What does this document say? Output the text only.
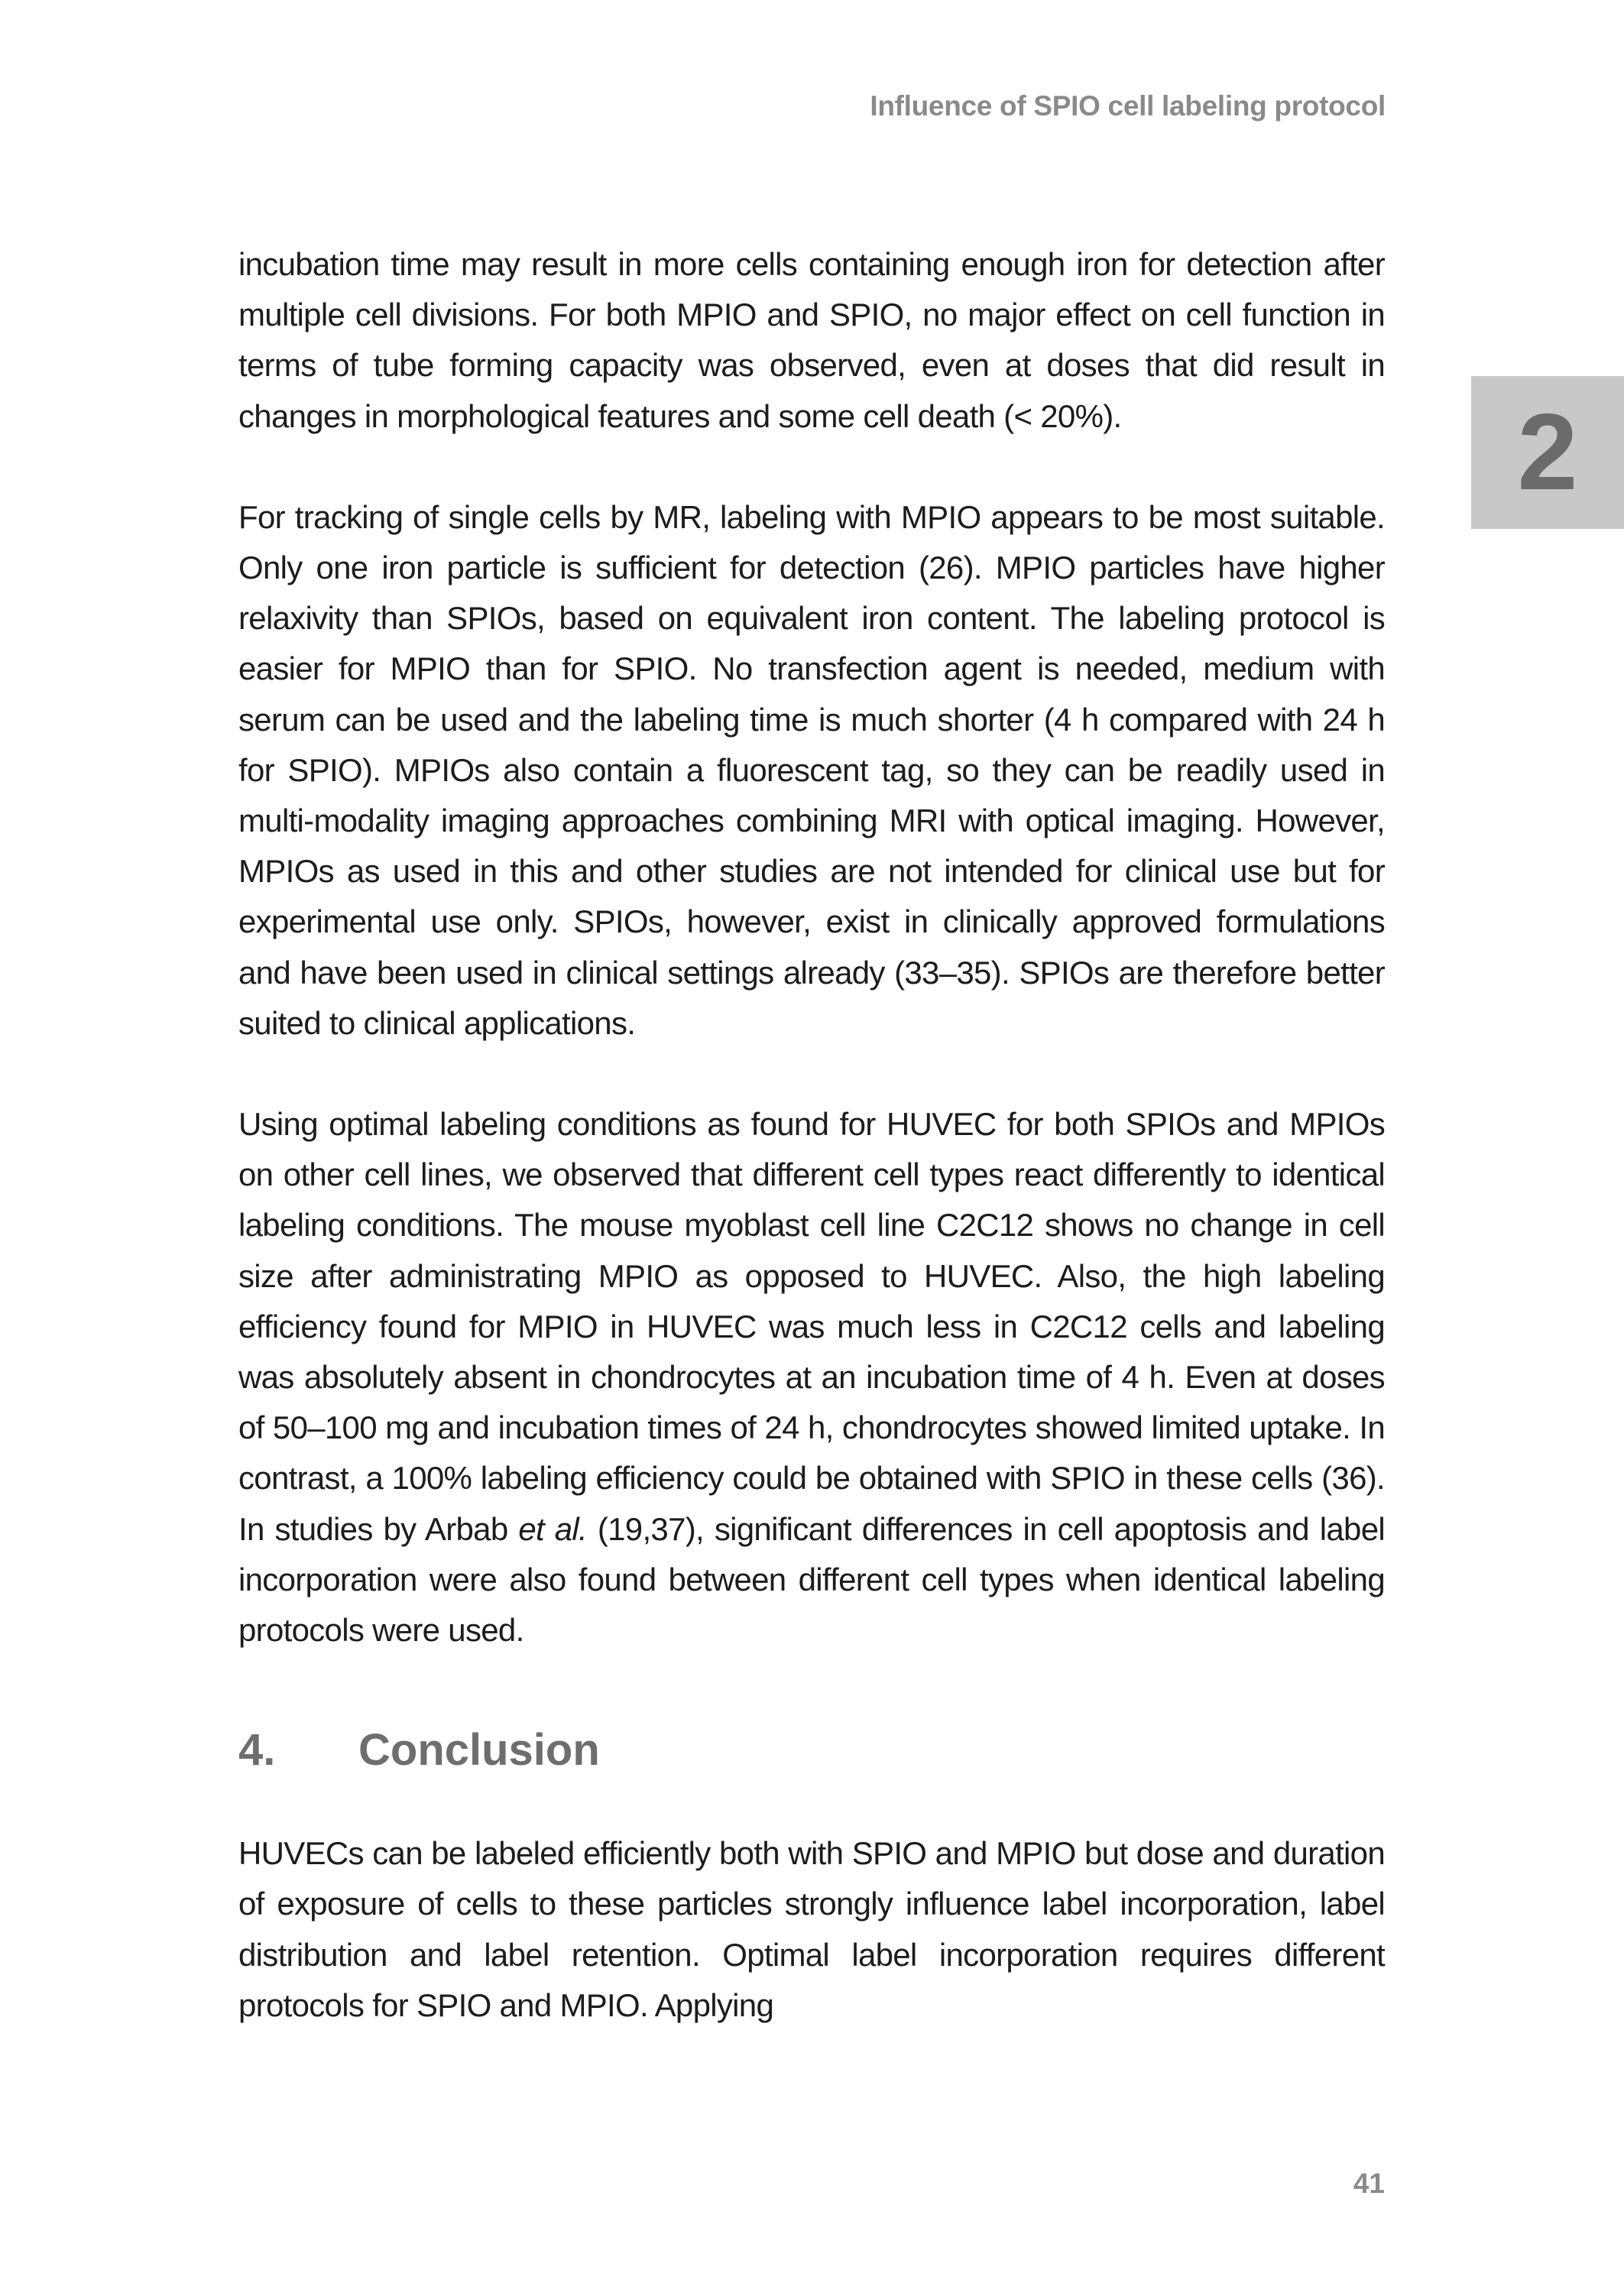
Influence of SPIO cell labeling protocol
2

incubation time may result in more cells containing enough iron for detection after multiple cell divisions. For both MPIO and SPIO, no major effect on cell function in terms of tube forming capacity was observed, even at doses that did result in changes in morphological features and some cell death (< 20%).

For tracking of single cells by MR, labeling with MPIO appears to be most suitable. Only one iron particle is sufficient for detection (26). MPIO particles have higher relaxivity than SPIOs, based on equivalent iron content. The labeling protocol is easier for MPIO than for SPIO. No transfection agent is needed, medium with serum can be used and the labeling time is much shorter (4 h compared with 24 h for SPIO). MPIOs also contain a fluorescent tag, so they can be readily used in multi-modality imaging approaches combining MRI with optical imaging. However, MPIOs as used in this and other studies are not intended for clinical use but for experimental use only. SPIOs, however, exist in clinically approved formulations and have been used in clinical settings already (33–35). SPIOs are therefore better suited to clinical applications.

Using optimal labeling conditions as found for HUVEC for both SPIOs and MPIOs on other cell lines, we observed that different cell types react differently to identical labeling conditions. The mouse myoblast cell line C2C12 shows no change in cell size after administrating MPIO as opposed to HUVEC. Also, the high labeling efficiency found for MPIO in HUVEC was much less in C2C12 cells and labeling was absolutely absent in chondrocytes at an incubation time of 4 h. Even at doses of 50–100 mg and incubation times of 24 h, chondrocytes showed limited uptake. In contrast, a 100% labeling efficiency could be obtained with SPIO in these cells (36). In studies by Arbab et al. (19,37), significant differences in cell apoptosis and label incorporation were also found between different cell types when identical labeling protocols were used.

4.	Conclusion

HUVECs can be labeled efficiently both with SPIO and MPIO but dose and duration of exposure of cells to these particles strongly influence label incorporation, label distribution and label retention. Optimal label incorporation requires different protocols for SPIO and MPIO. Applying

41
